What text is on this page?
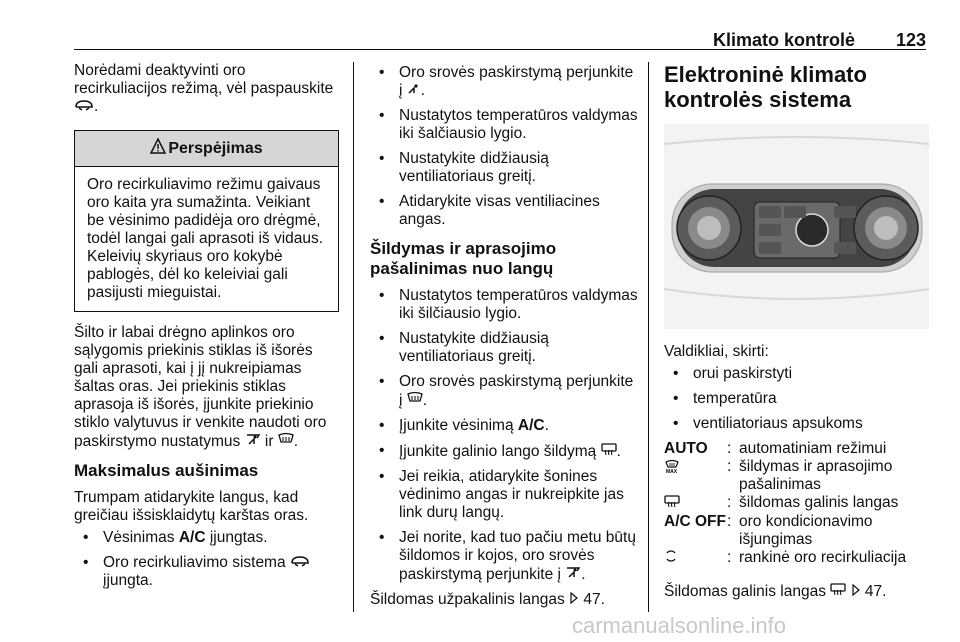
Klimato kontrolė 123

Norėdami deaktyvinti oro recirkuliacijos režimą, vėl paspauskite .

Perspėjimas
Oro recirkuliavimo režimu gaivaus oro kaita yra sumažinta. Veikiant be vėsinimo padidėja oro drėgmė, todėl langai gali aprasoti iš vidaus. Keleivių skyriaus oro kokybė pablogės, dėl ko keleiviai gali pasijusti mieguistai.

Šilto ir labai drėgno aplinkos oro sąlygomis priekinis stiklas iš išorės gali aprasoti, kai į jį nukreipiamas šaltas oras. Jei priekinis stiklas aprasoja iš išorės, įjunkite priekinio stiklo valytuvus ir venkite naudoti oro paskirstymo nustatymus ir .

Maksimalus aušinimas

Trumpam atidarykite langus, kad greičiau išsisklaidytų karštas oras.

• Vėsinimas A/C įjungtas.
• Oro recirkuliavimo sistema
įjungta.
• Oro srovės paskirstymą perjunkite į .
• Nustatytos temperatūros valdymas iki šalčiausio lygio.
• Nustatykite didžiausią ventiliatoriaus greitį.
• Atidarykite visas ventiliacines angas.
Šildymas ir aprasojimo pašalinimas nuo langų
• Nustatytos temperatūros valdymas iki šilčiausio lygio.
• Nustatykite didžiausią ventiliatoriaus greitį.
• Oro srovės paskirstymą perjunkite į .
• Įjunkite vėsinimą A/C.
• Įjunkite galinio lango šildymą .
• Jei reikia, atidarykite šonines vėdinimo angas ir nukreipkite jas link durų langų.
• Jei norite, kad tuo pačiu metu būtų šildomos ir kojos, oro srovės paskirstymą perjunkite į .

Šildomas užpakalinis langas 47.

Elektroninė klimato kontrolės sistema

Valdikliai, skirti:

• orui paskirstyti
• temperatūra
• ventiliatoriaus apsukoms
AUTO	: automatiniam režimui
MAX	: šildymas ir aprasojimo pašalinimas
: šildomas galinis langas
A/C OFF : oro kondicionavimo išjungimas
: rankinė oro recirkuliacija

Šildomas galinis langas	47.

carmanualsonline.info
